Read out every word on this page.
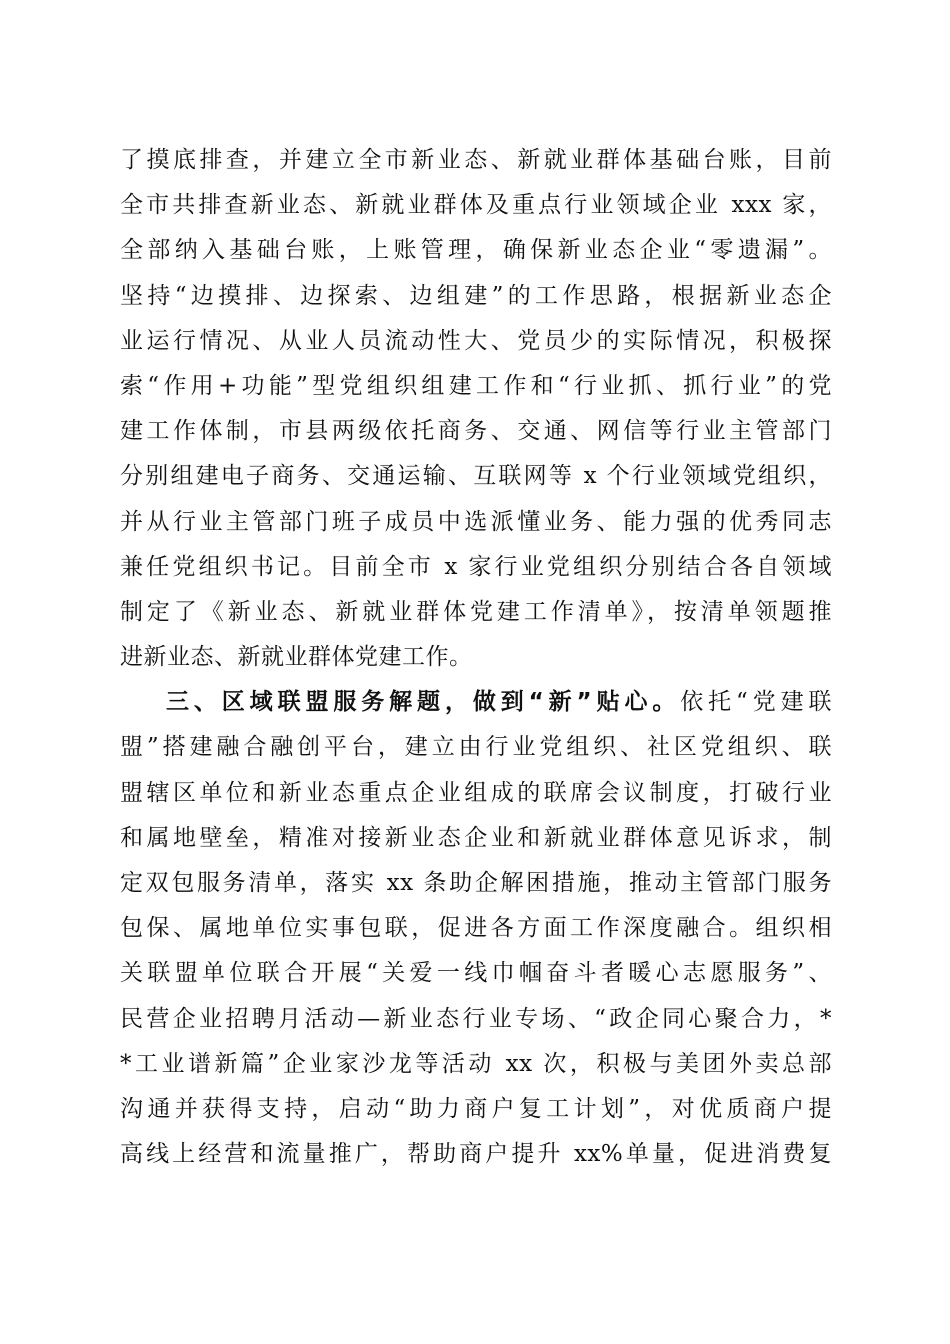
了摸底排查，并建立全市新业态、新就业群体基础台账，目前
全市共排查新业态、新就业群体及重点行业领域企业 xxx 家，
全部纳入基础台账，上账管理，确保新业态企业“零遗漏”。
坚持“边摸排、边探索、边组建”的工作思路，根据新业态企
业运行情况、从业人员流动性大、党员少的实际情况，积极探
索“作用+功能”型党组织组建工作和“行业抓、抓行业”的党
建工作体制，市县两级依托商务、交通、网信等行业主管部门
分别组建电子商务、交通运输、互联网等 x 个行业领域党组织，
并从行业主管部门班子成员中选派懂业务、能力强的优秀同志
兼任党组织书记。目前全市 x 家行业党组织分别结合各自领域
制定了《新业态、新就业群体党建工作清单》，按清单领题推
进新业态、新就业群体党建工作。
三、区域联盟服务解题，做到“新”贴心。依托“党建联
盟”搭建融合融创平台，建立由行业党组织、社区党组织、联
盟辖区单位和新业态重点企业组成的联席会议制度，打破行业
和属地壁垒，精准对接新业态企业和新就业群体意见诉求，制
定双包服务清单，落实 xx 条助企解困措施，推动主管部门服务
包保、属地单位实事包联，促进各方面工作深度融合。组织相
关联盟单位联合开展“关爱一线巾帼奋斗者暖心志愿服务”、
民营企业招聘月活动—新业态行业专场、“政企同心聚合力，*
*工业谱新篇”企业家沙龙等活动 xx 次，积极与美团外卖总部
沟通并获得支持，启动“助力商户复工计划”，对优质商户提
高线上经营和流量推广，帮助商户提升 xx%单量，促进消费复
